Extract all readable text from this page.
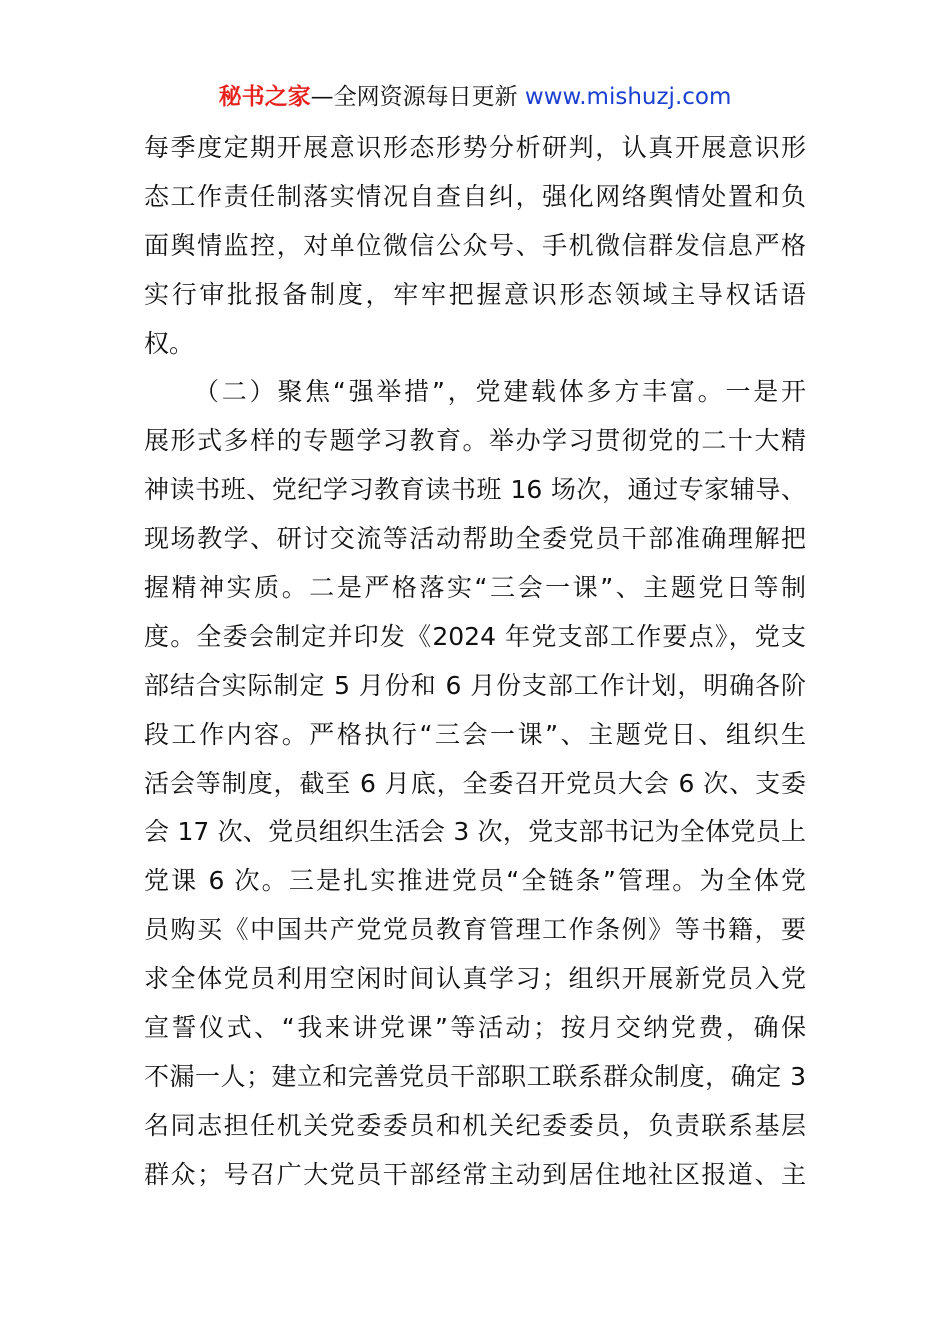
秘书之家—全网资源每日更新 www.mishuzj.com
每季度定期开展意识形态形势分析研判，认真开展意识形
态工作责任制落实情况自查自纠，强化网络舆情处置和负
面舆情监控，对单位微信公众号、手机微信群发信息严格
实行审批报备制度，牢牢把握意识形态领域主导权话语
权。
（二）聚焦“强举措”，党建载体多方丰富。一是开
展形式多样的专题学习教育。举办学习贯彻党的二十大精
神读书班、党纪学习教育读书班 16 场次，通过专家辅导、
现场教学、研讨交流等活动帮助全委党员干部准确理解把
握精神实质。二是严格落实“三会一课”、主题党日等制
度。全委会制定并印发《2024 年党支部工作要点》，党支
部结合实际制定 5 月份和 6 月份支部工作计划，明确各阶
段工作内容。严格执行“三会一课”、主题党日、组织生
活会等制度，截至 6 月底，全委召开党员大会 6 次、支委
会 17 次、党员组织生活会 3 次，党支部书记为全体党员上
党课 6 次。三是扎实推进党员“全链条”管理。为全体党
员购买《中国共产党党员教育管理工作条例》等书籍，要
求全体党员利用空闲时间认真学习；组织开展新党员入党
宣誓仪式、“我来讲党课”等活动；按月交纳党费，确保
不漏一人；建立和完善党员干部职工联系群众制度，确定 3
名同志担任机关党委委员和机关纪委委员，负责联系基层
群众；号召广大党员干部经常主动到居住地社区报道、主
